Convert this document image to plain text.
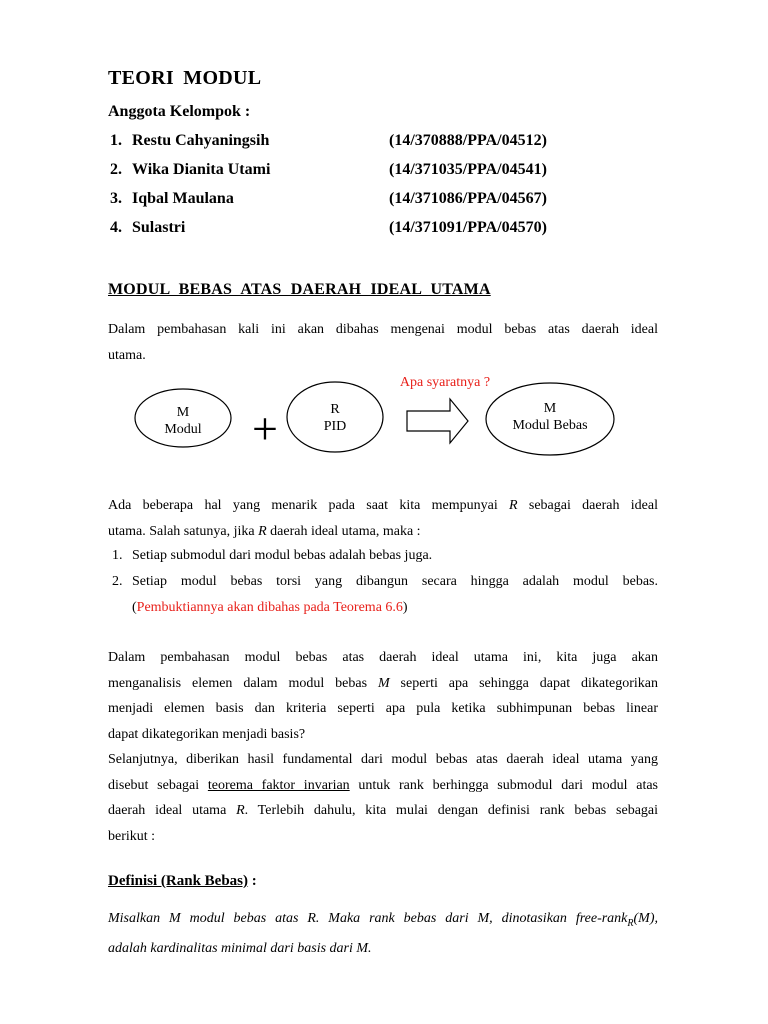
TEORI MODUL
Anggota Kelompok :
1. Restu Cahyaningsih	(14/370888/PPA/04512)
2. Wika Dianita Utami	(14/371035/PPA/04541)
3. Iqbal Maulana	(14/371086/PPA/04567)
4. Sulastri	(14/371091/PPA/04570)
MODUL BEBAS ATAS DAERAH IDEAL UTAMA
Dalam pembahasan kali ini akan dibahas mengenai modul bebas atas daerah ideal
utama.
M
Modul	+	R
PID
Apa syaratnya ?
M
Modul Bebas
Ada beberapa hal yang menarik pada saat kita mempunyai R sebagai daerah ideal
utama. Salah satunya, jika R daerah ideal utama, maka :
1. Setiap submodul dari modul bebas adalah bebas juga.
2. Setiap modul bebas torsi yang dibangun secara hingga adalah modul bebas.
(Pembuktiannya akan dibahas pada Teorema 6.6)
Dalam pembahasan modul bebas atas daerah ideal utama ini, kita juga akan
menganalisis elemen dalam modul bebas M seperti apa sehingga dapat dikategorikan
menjadi elemen basis dan kriteria seperti apa pula ketika subhimpunan bebas linear
dapat dikategorikan menjadi basis?
Selanjutnya, diberikan hasil fundamental dari modul bebas atas daerah ideal utama yang
disebut sebagai teorema faktor invarian untuk rank berhingga submodul dari modul atas
daerah ideal utama R. Terlebih dahulu, kita mulai dengan definisi rank bebas sebagai
berikut :
Definisi (Rank Bebas) :
Misalkan M modul bebas atas R. Maka rank bebas dari M, dinotasikan free-rank$_R$(M),
adalah kardinalitas minimal dari basis dari M.
